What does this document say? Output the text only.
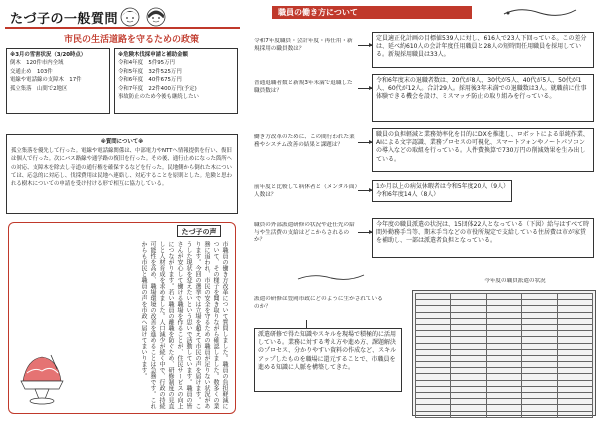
たづ子の一般質問
市民の生活道路を守るための政策
※3月の雪害状況（3/20時点）
倒木　120件市内全域
交通止め　103件
電線や電話線の支障木　17件
孤立集落　山間で2地区
※危険木伐採申請と補助金額
令和4年度　5件95万円
令和5年度　32件525万円
令和6年度　40件675万円
令和7年度　22件400万円(予定)
事故防止のため今後も継続したい
※質問について※
孤立集落を優先して行った。電線や電話線関係は、中部電力やNTTへ情報提供を行い、復旧は個人で行った。次にバス路線や通学路の復旧を行った。その後、通行止めになった箇所への対応、支障木を除去し寺道の通行権を確保するなどを行った。民地側から倒れた木については、応急的に対応し、伐採費用は民地へ連絡し、対応することを原則とした。危険と思われる樹木についての申請を受け付ける形で相互に協力している。
たづ子の声
市職員の働き方改革について質問しました。職員の負担軽減について、その様子を聞き取りながら確認しました。数多くの業務に追われ、市民の安全を守るための職員が足りない状況があります。今回の選挙では立場を超えて市民の声を届けます。こうした現状を変えたいという思いで活動しています。職員の皆さんが安心して働ける職場を作ることが、住民サービスの向上につながります。若い職員の離職を防ぐため、研修制度の見直しと人材育成を求めました。人口減少が続く中で、行政の持続可能性を高め、職場環境の改善を進めることは急務です。これからも市民と職員の声を市政へ届けてまいります。
職員の働き方について
令和7年度職員・会計年度・再任用・新規採用の職員数は？
定員適正化計画の目標値539人に対し、616人で23人下回っている。この差分は、延べ約610人の会計年度任用職員と28人の短時間任用職員を採用している。新規採用職員は33人。
普通退職者数と新規3年未満で退職した職員数は？
令和6年度末の退職者数は、20代が8人、30代が5人、40代が5人、50代が1人、60代が12人。合計29人。採用後3年未満での退職数は3人。就職前に仕事体験できる機会を設け、ミスマッチ防止の取り組みを行っている。
働き方改革のために、この間行われた業務やシステム改善の結果と課題は？
職員の負担軽減と業務効率化を目的にDXを推進し、ロボットによる単純作業、AIによる文字認識、業務プロセスの可視化、スマートフォンやノートパソコンの導入などの取組を行っている。人件費換算で730万円の削減効果を生み出している。
前年度と比較して病休者と（メンタル面）人数は？
1か月以上の病気休暇者は令和5年度20人（9人）令和6年度14人（8人）
職員の外部派遣研修の状況や赴任先の給与や生活費の支給はどこからされるのか？
今年度の職員派遣の状況は、15団体22人となっている（下図）給与はすべて時間外勤務手当等、期末手当などの市役所規定で支給している住居費は市が家賃を補助し、一部は派遣者負担となっている。
派遣の研修は豊岡市政にどのように生かされているのか？
派遣研修で得た知識やスキルを現場で積極的に活用している。業務に対する考え方や進め方、課題解決のプロセス、分かりやすい資料の作成など、スキルアップしたものを職場に還元することで、市職員を進める知識に人脈を構築してきた。
今年度の職員派遣の状況
